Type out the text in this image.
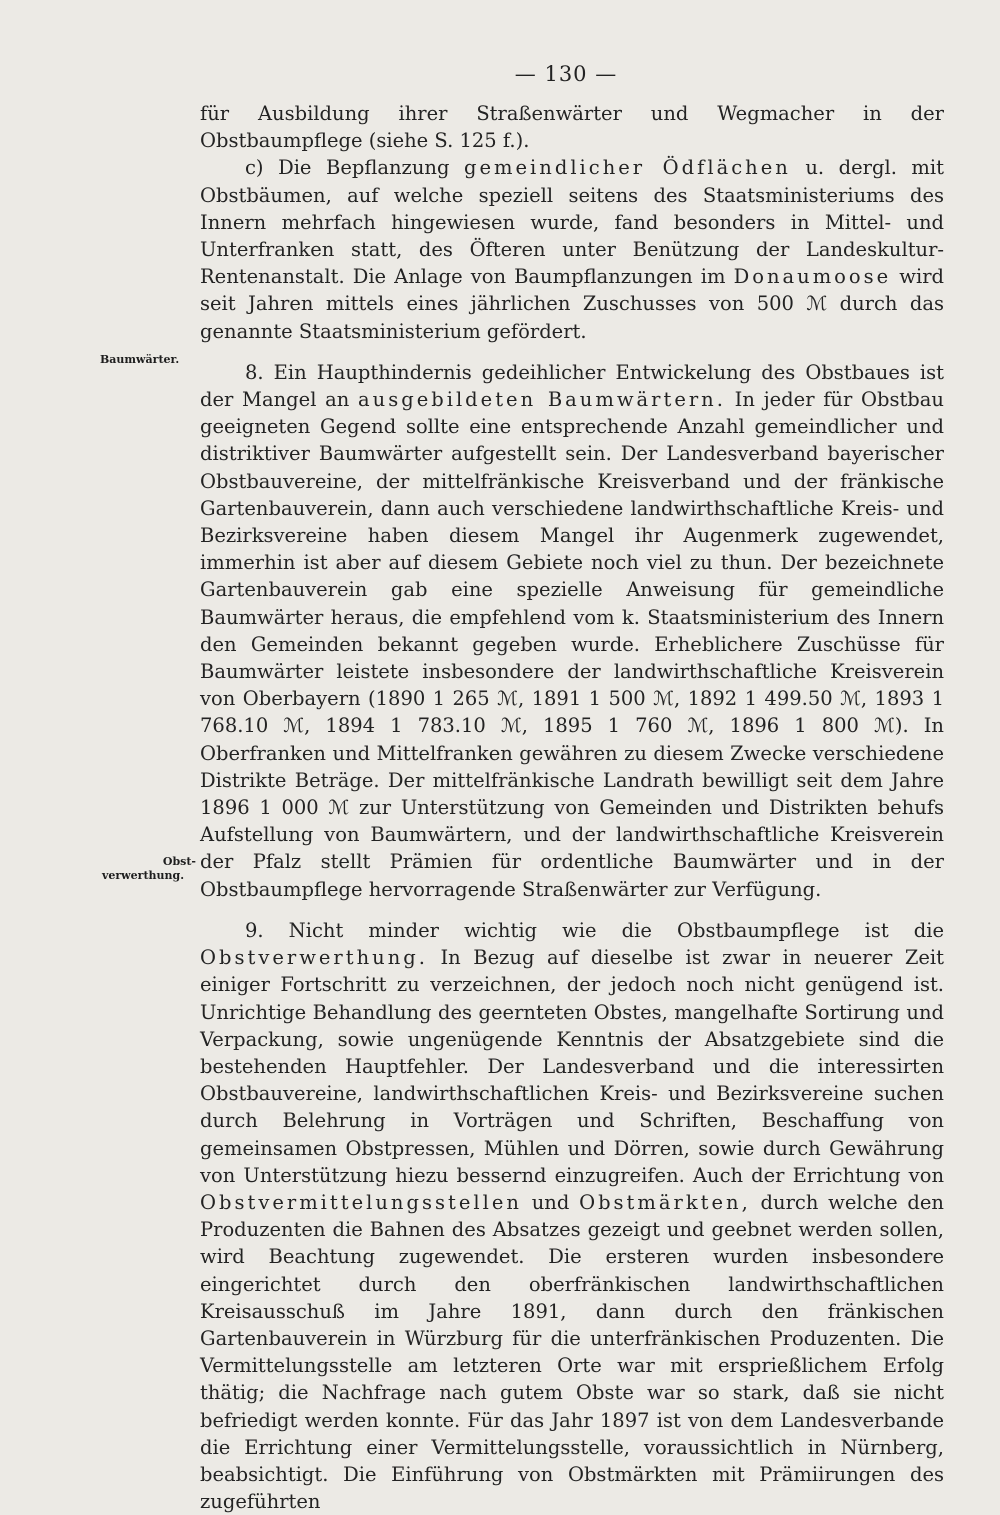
— 130 —
Baumwärter.
Obst-
verwerthung.

für Ausbildung ihrer Straßenwärter und Wegmacher in der Obstbaumpflege (siehe S. 125 f.).

c) Die Bepflanzung gemeindlicher Ödflächen u. dergl. mit Obstbäumen, auf welche speziell seitens des Staatsministeriums des Innern mehrfach hingewiesen wurde, fand besonders in Mittel- und Unterfranken statt, des Öfteren unter Benützung der Landeskultur-Rentenanstalt. Die Anlage von Baumpflanzungen im Donaumoose wird seit Jahren mittels eines jährlichen Zuschusses von 500 ℳ durch das genannte Staatsministerium gefördert.

8. Ein Haupthindernis gedeihlicher Entwickelung des Obstbaues ist der Mangel an ausgebildeten Baumwärtern. In jeder für Obstbau geeigneten Gegend sollte eine entsprechende Anzahl gemeindlicher und distriktiver Baumwärter aufgestellt sein. Der Landesverband bayerischer Obstbauvereine, der mittelfränkische Kreisverband und der fränkische Gartenbauverein, dann auch verschiedene landwirthschaftliche Kreis- und Bezirksvereine haben diesem Mangel ihr Augenmerk zugewendet, immerhin ist aber auf diesem Gebiete noch viel zu thun. Der bezeichnete Gartenbauverein gab eine spezielle Anweisung für gemeindliche Baumwärter heraus, die empfehlend vom k. Staatsministerium des Innern den Gemeinden bekannt gegeben wurde. Erheblichere Zuschüsse für Baumwärter leistete insbesondere der landwirthschaftliche Kreisverein von Oberbayern (1890 1 265 ℳ, 1891 1 500 ℳ, 1892 1 499.50 ℳ, 1893 1 768.10 ℳ, 1894 1 783.10 ℳ, 1895 1 760 ℳ, 1896 1 800 ℳ). In Oberfranken und Mittelfranken gewähren zu diesem Zwecke verschiedene Distrikte Beträge. Der mittelfränkische Landrath bewilligt seit dem Jahre 1896 1 000 ℳ zur Unterstützung von Gemeinden und Distrikten behufs Aufstellung von Baumwärtern, und der landwirthschaftliche Kreisverein der Pfalz stellt Prämien für ordentliche Baumwärter und in der Obstbaumpflege hervorragende Straßenwärter zur Verfügung.

9. Nicht minder wichtig wie die Obstbaumpflege ist die Obstverwerthung. In Bezug auf dieselbe ist zwar in neuerer Zeit einiger Fortschritt zu verzeichnen, der jedoch noch nicht genügend ist. Unrichtige Behandlung des geernteten Obstes, mangelhafte Sortirung und Verpackung, sowie ungenügende Kenntnis der Absatzgebiete sind die bestehenden Hauptfehler. Der Landesverband und die interessirten Obstbauvereine, landwirthschaftlichen Kreis- und Bezirksvereine suchen durch Belehrung in Vorträgen und Schriften, Beschaffung von gemeinsamen Obstpressen, Mühlen und Dörren, sowie durch Gewährung von Unterstützung hiezu bessernd einzugreifen. Auch der Errichtung von Obstvermittelungsstellen und Obstmärkten, durch welche den Produzenten die Bahnen des Absatzes gezeigt und geebnet werden sollen, wird Beachtung zugewendet. Die ersteren wurden insbesondere eingerichtet durch den oberfränkischen landwirthschaftlichen Kreisausschuß im Jahre 1891, dann durch den fränkischen Gartenbauverein in Würzburg für die unterfränkischen Produzenten. Die Vermittelungsstelle am letzteren Orte war mit ersprießlichem Erfolg thätig; die Nachfrage nach gutem Obste war so stark, daß sie nicht befriedigt werden konnte. Für das Jahr 1897 ist von dem Landesverbande die Errichtung einer Vermittelungsstelle, voraussichtlich in Nürnberg, beabsichtigt. Die Einführung von Obstmärkten mit Prämiirungen des zugeführten
